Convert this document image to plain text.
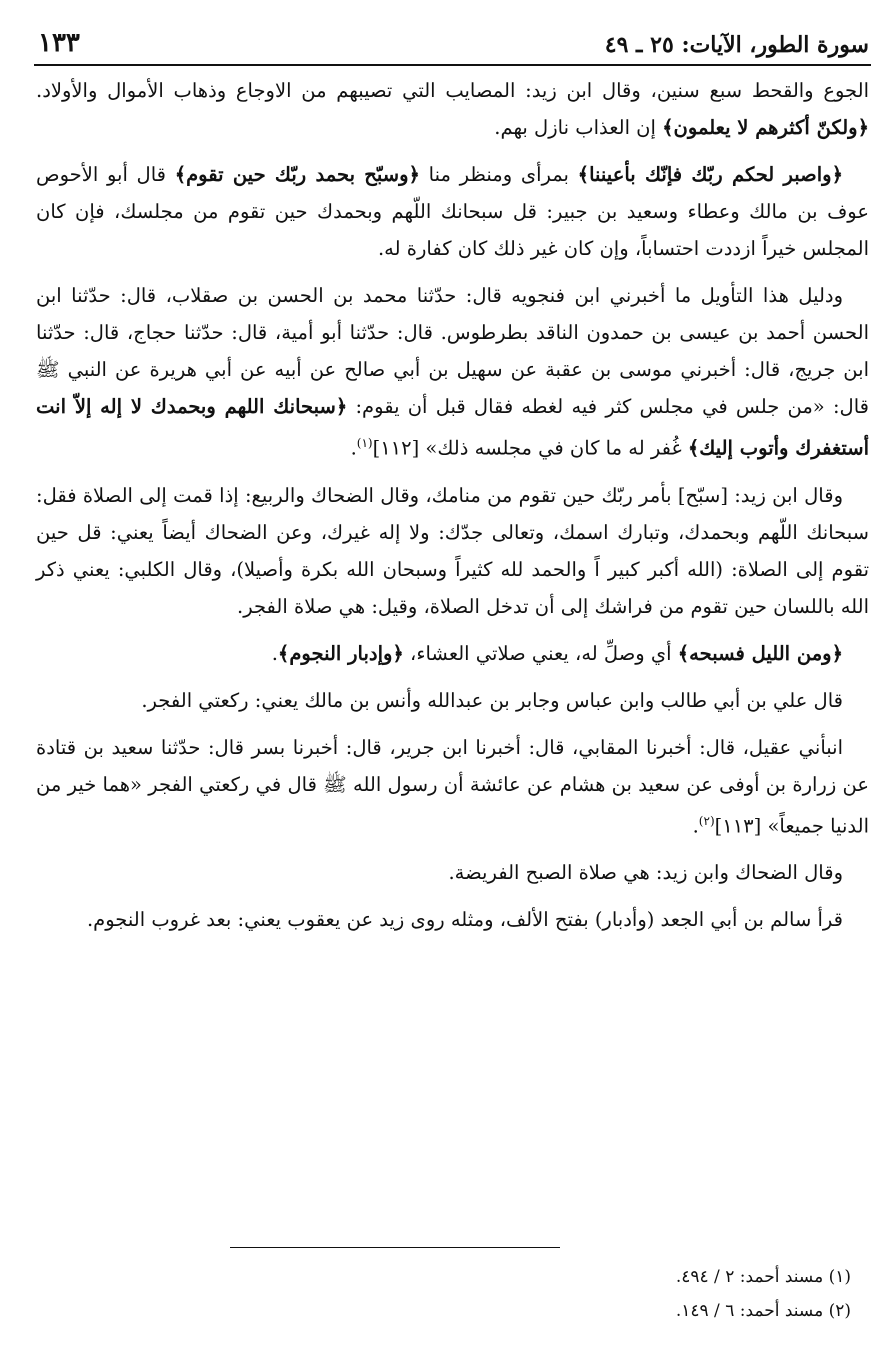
سورة الطور، الآيات: ٢٥ ـ ٤٩
١٣٣

الجوع والقحط سبع سنين، وقال ابن زيد: المصايب التي تصيبهم من الاوجاع وذهاب الأموال والأولاد. ﴿ولكنّ أكثرهم لا يعلمون﴾ إن العذاب نازل بهم.

﴿واصبر لحكم ربّك فإنّك بأعيننا﴾ بمرأى ومنظر منا ﴿وسبّح بحمد ربّك حين تقوم﴾ قال أبو الأحوص عوف بن مالك وعطاء وسعيد بن جبير: قل سبحانك اللّهم وبحمدك حين تقوم من مجلسك، فإن كان المجلس خيراً ازددت احتساباً، وإن كان غير ذلك كان كفارة له.

ودليل هذا التأويل ما أخبرني ابن فنجويه قال: حدّثنا محمد بن الحسن بن صقلاب، قال: حدّثنا ابن الحسن أحمد بن عيسى بن حمدون الناقد بطرطوس. قال: حدّثنا أبو أمية، قال: حدّثنا حجاج، قال: حدّثنا ابن جريج، قال: أخبرني موسى بن عقبة عن سهيل بن أبي صالح عن أبيه عن أبي هريرة عن النبي ﷺ قال: «من جلس في مجلس كثر فيه لغطه فقال قبل أن يقوم: ﴿سبحانك اللهم وبحمدك لا إله إلاّ انت أستغفرك وأتوب إليك﴾ غُفر له ما كان في مجلسه ذلك» [١١٢]$^{(١)}$.

وقال ابن زيد: [سبّح] بأمر ربّك حين تقوم من منامك، وقال الضحاك والربيع: إذا قمت إلى الصلاة فقل: سبحانك اللّهم وبحمدك، وتبارك اسمك، وتعالى جدّك: ولا إله غيرك، وعن الضحاك أيضاً يعني: قل حين تقوم إلى الصلاة: (الله أكبر كبير اً والحمد لله كثيراً وسبحان الله بكرة وأصيلا)، وقال الكلبي: يعني ذكر الله باللسان حين تقوم من فراشك إلى أن تدخل الصلاة، وقيل: هي صلاة الفجر.

﴿ومن الليل فسبحه﴾ أي وصلِّ له، يعني صلاتي العشاء، ﴿وإدبار النجوم﴾.

قال علي بن أبي طالب وابن عباس وجابر بن عبدالله وأنس بن مالك يعني: ركعتي الفجر.

انبأني عقيل، قال: أخبرنا المقابي، قال: أخبرنا ابن جرير، قال: أخبرنا بسر قال: حدّثنا سعيد بن قتادة عن زرارة بن أوفى عن سعيد بن هشام عن عائشة أن رسول الله ﷺ قال في ركعتي الفجر «هما خير من الدنيا جميعاً» [١١٣]$^{(٢)}$.

وقال الضحاك وابن زيد: هي صلاة الصبح الفريضة.

قرأ سالم بن أبي الجعد (وأدبار) بفتح الألف، ومثله روى زيد عن يعقوب يعني: بعد غروب النجوم.

(١) مسند أحمد: ٢ / ٤٩٤.
(٢) مسند أحمد: ٦ / ١٤٩.
